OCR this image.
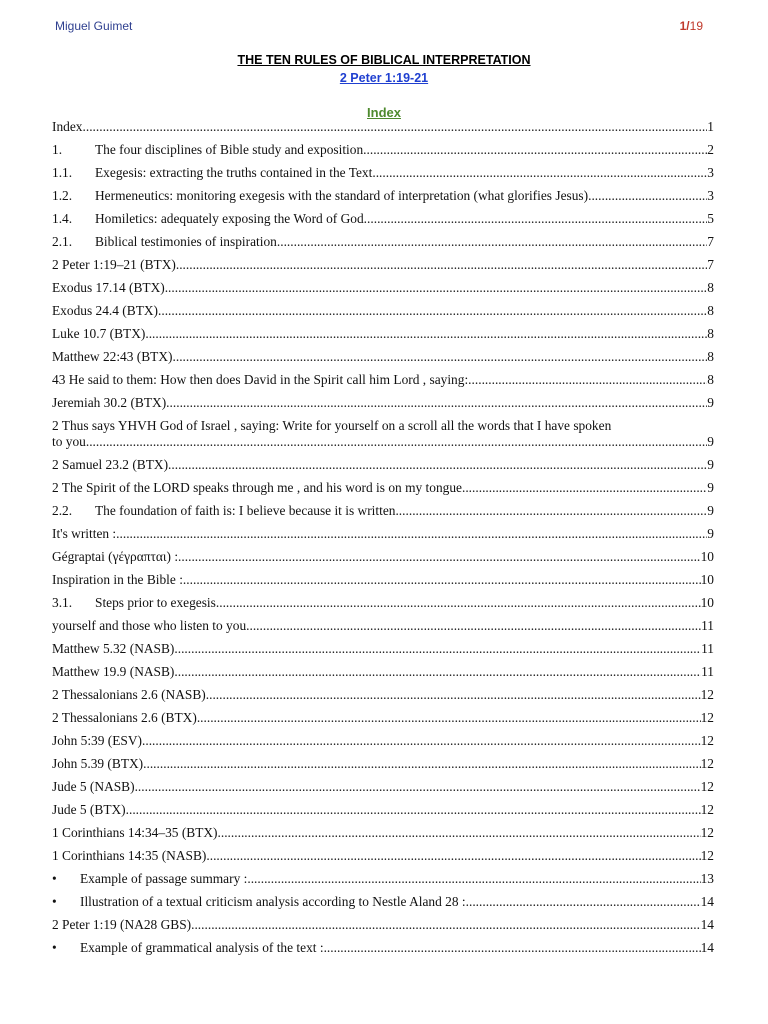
Miguel Guimet	1/19
THE TEN RULES OF BIBLICAL INTERPRETATION
2 Peter 1:19-21
Index
Index .....	1
1.	The four disciplines of Bible study and exposition .....	2
1.1.	Exegesis: extracting the truths contained in the Text .....	3
1.2.	Hermeneutics: monitoring exegesis with the standard of interpretation (what glorifies Jesus) .....	3
1.4.	Homiletics: adequately exposing the Word of God .....	5
2.1.	Biblical testimonies of inspiration .....	7
2 Peter 1:19–21 (BTX) .....	7
Exodus 17.14 (BTX) .....	8
Exodus 24.4 (BTX) .....	8
Luke 10.7 (BTX) .....	8
Matthew 22:43 (BTX) .....	8
43 He said to them: How then does David in the Spirit call him Lord , saying: .....	8
Jeremiah 30.2 (BTX) .....	9
2 Thus says YHVH God of Israel , saying: Write for yourself on a scroll all the words that I have spoken
to you .....	9
2 Samuel 23.2 (BTX) .....	9
2 The Spirit of the LORD speaks through me , and his word is on my tongue .....	9
2.2.	The foundation of faith is: I believe because it is written .....	9
It's written : .....	9
Gégraptai (γέγραπται) : .....	10
Inspiration in the Bible : .....	10
3.1.	Steps prior to exegesis .....	10
yourself and those who listen to you .....	11
Matthew 5.32 (NASB) .....	11
Matthew 19.9 (NASB) .....	11
2 Thessalonians 2.6 (NASB) .....	12
2 Thessalonians 2.6 (BTX) .....	12
John 5:39 (ESV) .....	12
John 5.39 (BTX) .....	12
Jude 5 (NASB) .....	12
Jude 5 (BTX) .....	12
1 Corinthians 14:34–35 (BTX) .....	12
1 Corinthians 14:35 (NASB) .....	12
•	Example of passage summary : .....	13
•	Illustration of a textual criticism analysis according to Nestle Aland 28 : .....	14
2 Peter 1:19 (NA28 GBS) .....	14
•	Example of grammatical analysis of the text : .....	14
